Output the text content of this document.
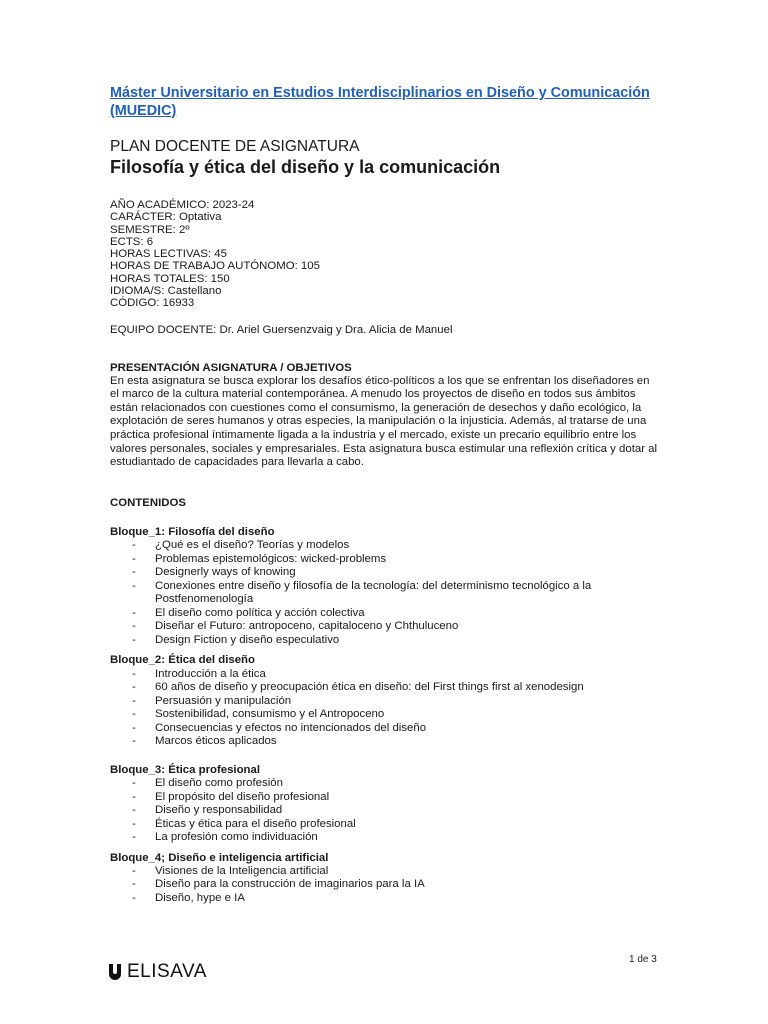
Máster Universitario en Estudios Interdisciplinarios en Diseño y Comunicación (MUEDIC)
PLAN DOCENTE DE ASIGNATURA
Filosofía y ética del diseño y la comunicación
AÑO ACADÉMICO: 2023-24
CARÁCTER: Optativa
SEMESTRE: 2º
ECTS: 6
HORAS LECTIVAS: 45
HORAS DE TRABAJO AUTÓNOMO: 105
HORAS TOTALES: 150
IDIOMA/S: Castellano
CÓDIGO: 16933
EQUIPO DOCENTE: Dr. Ariel Guersenzvaig y Dra. Alicia de Manuel
PRESENTACIÓN ASIGNATURA / OBJETIVOS

En esta asignatura se busca explorar los desafíos ético-políticos a los que se enfrentan los diseñadores en el marco de la cultura material contemporánea. A menudo los proyectos de diseño en todos sus ámbitos están relacionados con cuestiones como el consumismo, la generación de desechos y daño ecológico, la explotación de seres humanos y otras especies, la manipulación o la injusticia. Además, al tratarse de una práctica profesional íntimamente ligada a la industria y el mercado, existe un precario equilibrio entre los valores personales, sociales y empresariales. Esta asignatura busca estimular una reflexión crítica y dotar al estudiantado de capacidades para llevarla a cabo.

CONTENIDOS
Bloque_1: Filosofía del diseño
- ¿Qué es el diseño? Teorías y modelos
- Problemas epistemológicos: wicked-problems
- Designerly ways of knowing
- Conexiones entre diseño y filosofía de la tecnología: del determinismo tecnológico a la Postfenomenología
- El diseño como política y acción colectiva
- Diseñar el Futuro: antropoceno, capitaloceno y Chthuluceno
- Design Fiction y diseño especulativo
Bloque_2: Ética del diseño
- Introducción a la ética
- 60 años de diseño y preocupación ética en diseño: del First things first al xenodesign
- Persuasión y manipulación
- Sostenibilidad, consumismo y el Antropoceno
- Consecuencias y efectos no intencionados del diseño
- Marcos éticos aplicados
Bloque_3: Ética profesional
- El diseño como profesión
- El propósito del diseño profesional
- Diseño y responsabilidad
- Éticas y ética para el diseño profesional
- La profesión como individuación
Bloque_4; Diseño e inteligencia artificial
- Visiones de la Inteligencia artificial
- Diseño para la construcción de imaginarios para la IA
- Diseño, hype e IA
1 de 3
ELISAVA
